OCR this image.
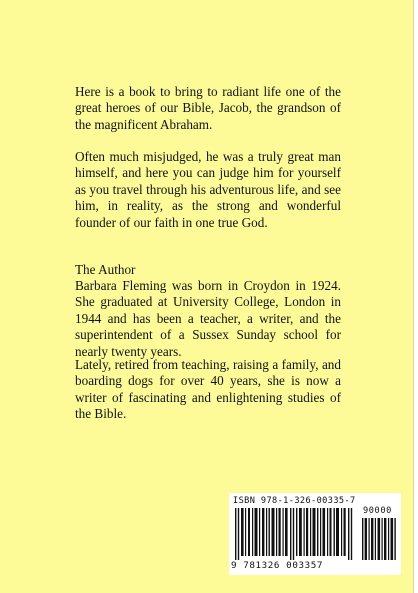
Here is a book to bring to radiant life one of the great heroes of our Bible, Jacob, the grandson of the magnificent Abraham.

Often much misjudged, he was a truly great man himself, and here you can judge him for yourself as you travel through his adventurous life, and see him, in reality, as the strong and wonderful founder of our faith in one true God.

The Author

Barbara Fleming was born in Croydon in 1924. She graduated at University College, London in 1944 and has been a teacher, a writer, and the superintendent of a Sussex Sunday school for nearly twenty years.

Lately, retired from teaching, raising a family, and boarding dogs for over 40 years, she is now a writer of fascinating and enlightening studies of the Bible.

ISBN 978-1-326-00335-7
90000
9 781326 003357
